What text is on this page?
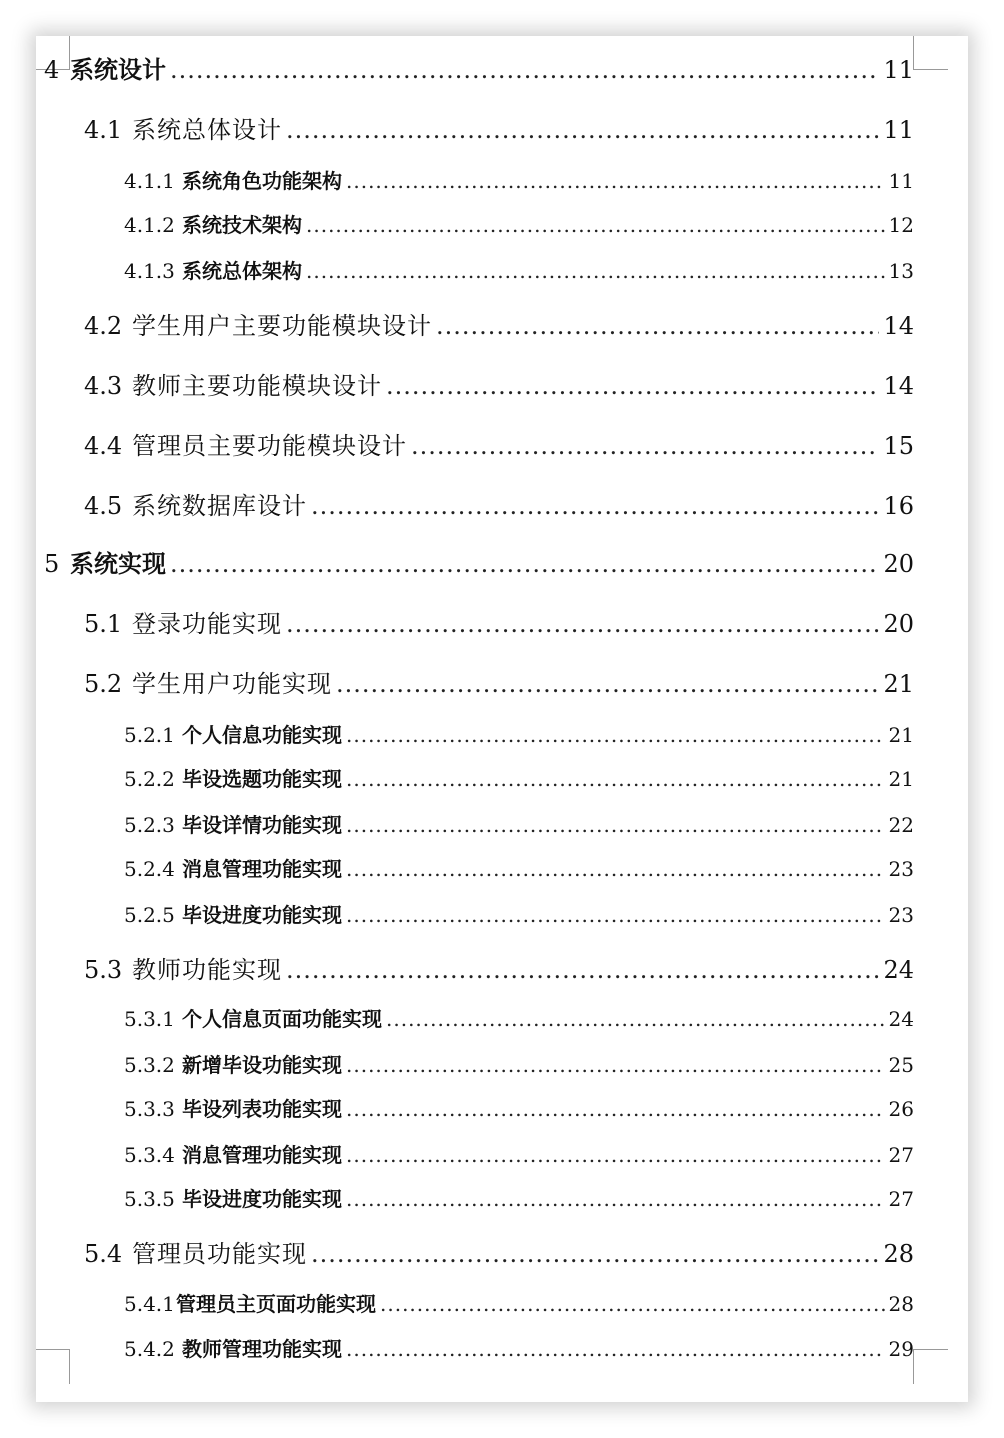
4 系统设计 .....	11
4.1 系统总体设计 .....	11
4.1.1 系统角色功能架构 .....	11
4.1.2 系统技术架构 .....	12
4.1.3 系统总体架构 .....	13
4.2 学生用户主要功能模块设计 .....	14
4.3 教师主要功能模块设计 .....	14
4.4 管理员主要功能模块设计 .....	15
4.5 系统数据库设计 .....	16
5 系统实现 .....	20
5.1 登录功能实现 .....	20
5.2 学生用户功能实现 .....	21
5.2.1 个人信息功能实现 .....	21
5.2.2 毕设选题功能实现 .....	21
5.2.3 毕设详情功能实现 .....	22
5.2.4 消息管理功能实现 .....	23
5.2.5 毕设进度功能实现 .....	23
5.3 教师功能实现 .....	24
5.3.1 个人信息页面功能实现 .....	24
5.3.2 新增毕设功能实现 .....	25
5.3.3 毕设列表功能实现 .....	26
5.3.4 消息管理功能实现 .....	27
5.3.5 毕设进度功能实现 .....	27
5.4 管理员功能实现 .....	28
5.4.1 管理员主页面功能实现 .....	28
5.4.2 教师管理功能实现 .....	29
